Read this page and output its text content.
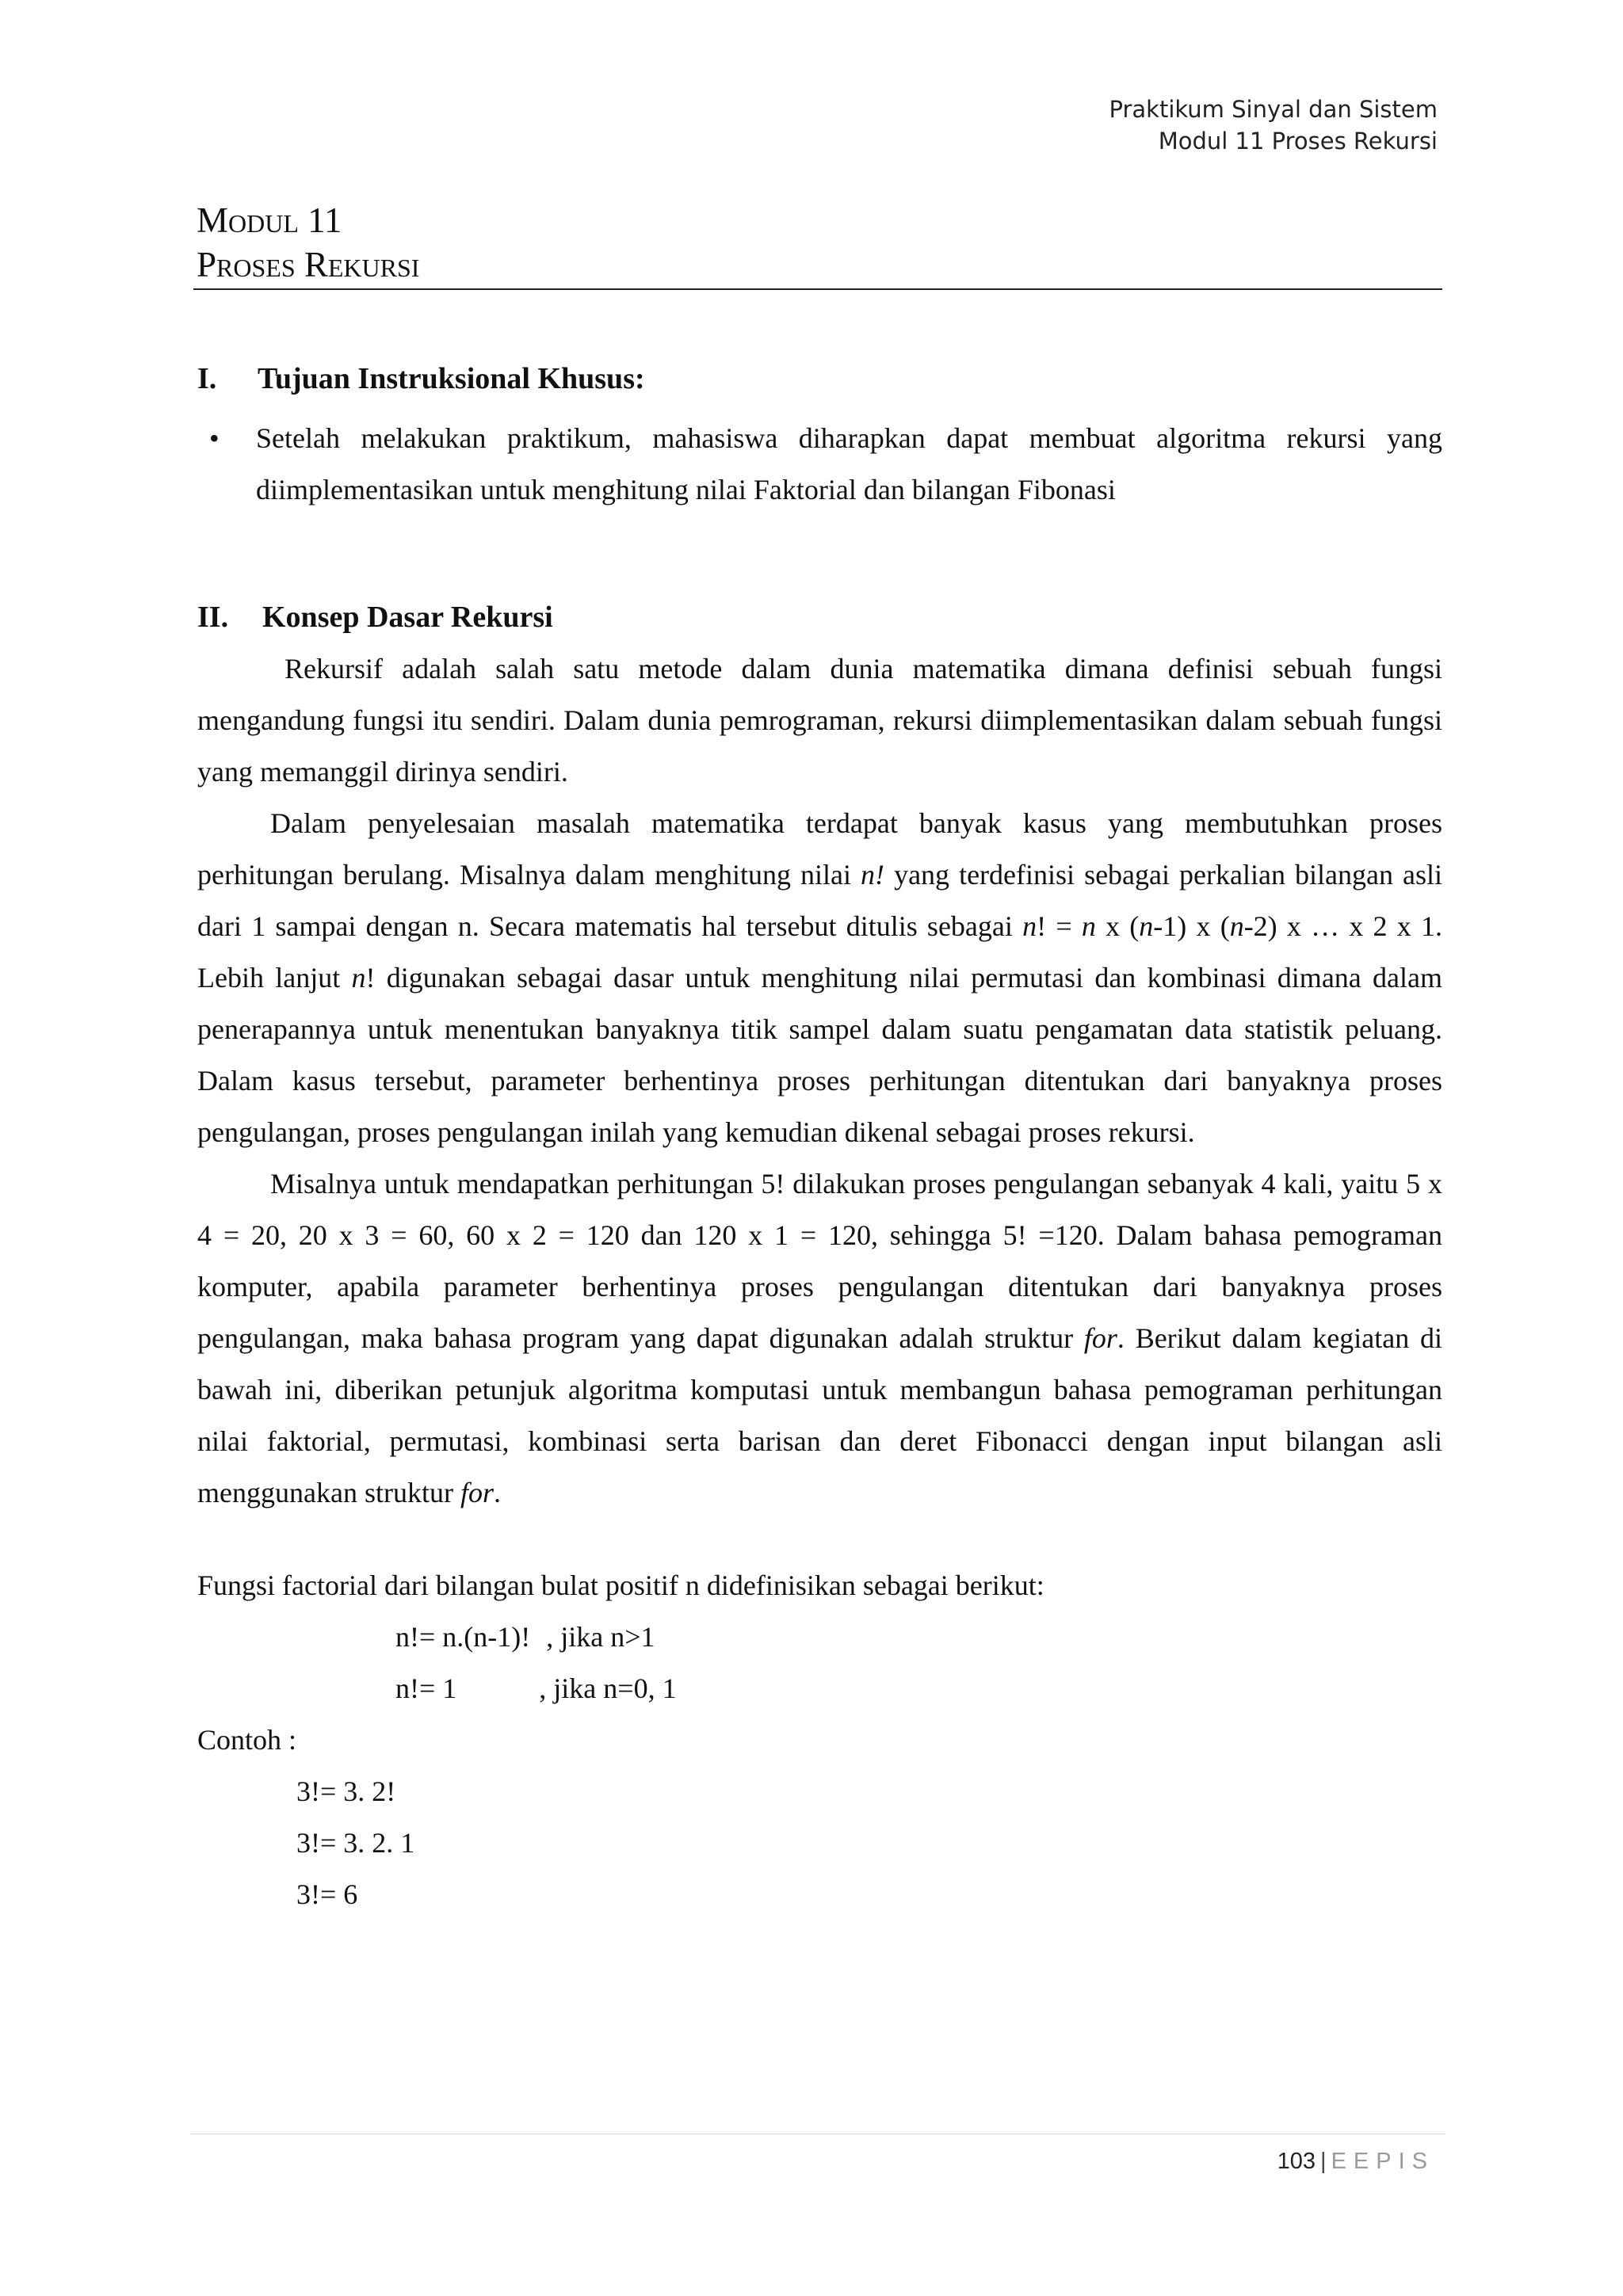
Praktikum Sinyal dan Sistem
Modul 11 Proses Rekursi
Modul 11
Proses Rekursi
I. Tujuan Instruksional Khusus:
• Setelah melakukan praktikum, mahasiswa diharapkan dapat membuat algoritma rekursi yang diimplementasikan untuk menghitung nilai Faktorial dan bilangan Fibonasi
II. Konsep Dasar Rekursi

Rekursif adalah salah satu metode dalam dunia matematika dimana definisi sebuah fungsi mengandung fungsi itu sendiri. Dalam dunia pemrograman, rekursi diimplementasikan dalam sebuah fungsi yang memanggil dirinya sendiri.

Dalam penyelesaian masalah matematika terdapat banyak kasus yang membutuhkan proses perhitungan berulang. Misalnya dalam menghitung nilai n! yang terdefinisi sebagai perkalian bilangan asli dari 1 sampai dengan n. Secara matematis hal tersebut ditulis sebagai n! = n x (n-1) x (n-2) x … x 2 x 1. Lebih lanjut n! digunakan sebagai dasar untuk menghitung nilai permutasi dan kombinasi dimana dalam penerapannya untuk menentukan banyaknya titik sampel dalam suatu pengamatan data statistik peluang. Dalam kasus tersebut, parameter berhentinya proses perhitungan ditentukan dari banyaknya proses pengulangan, proses pengulangan inilah yang kemudian dikenal sebagai proses rekursi.

Misalnya untuk mendapatkan perhitungan 5! dilakukan proses pengulangan sebanyak 4 kali, yaitu 5 x 4 = 20, 20 x 3 = 60, 60 x 2 = 120 dan 120 x 1 = 120, sehingga 5! =120. Dalam bahasa pemograman komputer, apabila parameter berhentinya proses pengulangan ditentukan dari banyaknya proses pengulangan, maka bahasa program yang dapat digunakan adalah struktur for. Berikut dalam kegiatan di bawah ini, diberikan petunjuk algoritma komputasi untuk membangun bahasa pemograman perhitungan nilai faktorial, permutasi, kombinasi serta barisan dan deret Fibonacci dengan input bilangan asli menggunakan struktur for.

Fungsi factorial dari bilangan bulat positif n didefinisikan sebagai berikut:

n!= n.(n-1)! , jika n>1

n!= 1	, jika n=0, 1

Contoh :

3!= 3. 2!

3!= 3. 2. 1

3!= 6

103 | EEPIS
